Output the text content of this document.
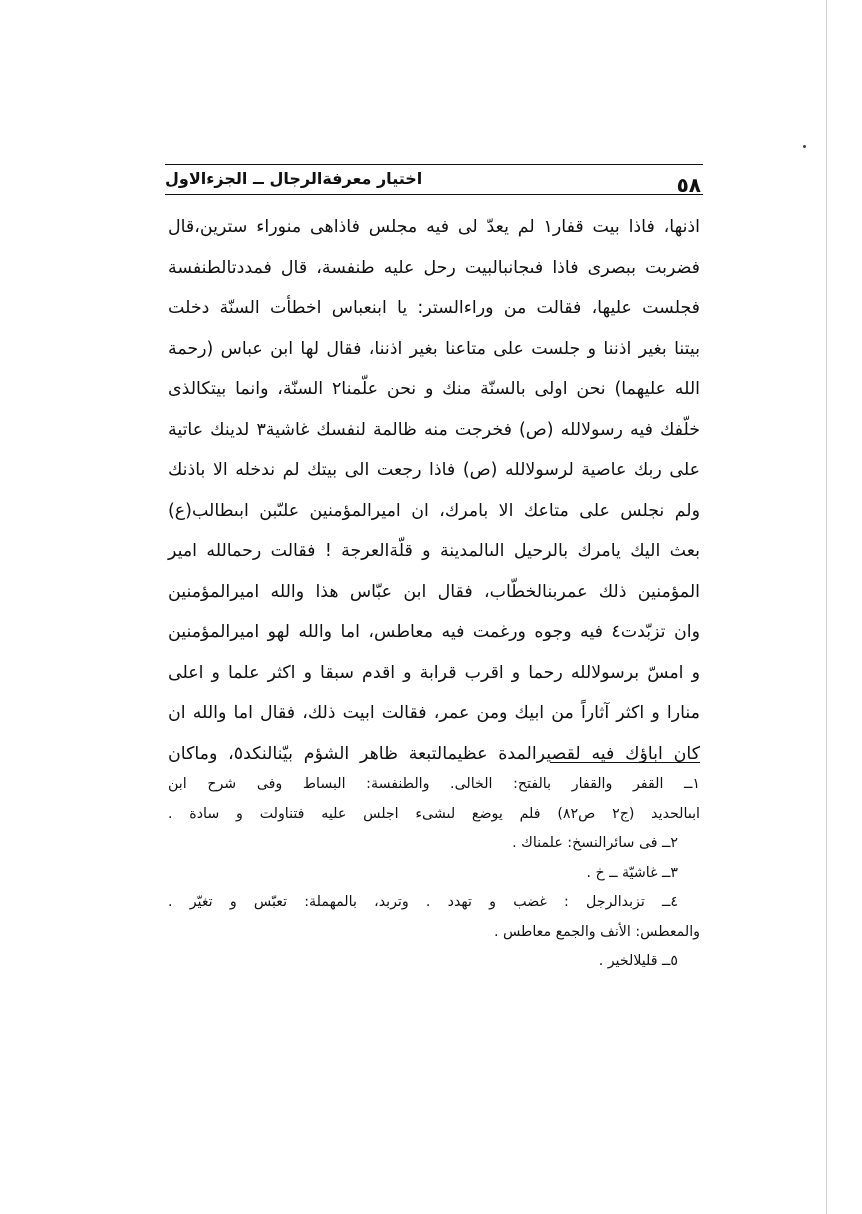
اختيار معرفةالرجال ــ الجزءالاول	٥٨
اذنها، فاذا بيت قفار١ لم يعدّ لى فيه مجلس فاذاهى منوراء سترين،قال
فضربت ببصرى فاذا فىجانبالبيت رحل عليه طنفسة، قال فمددتالطنفسة
فجلست عليها، فقالت من وراءالستر: يا ابنعباس اخطأت السنّة دخلت
بيتنا بغير اذننا و جلست على متاعنا بغير اذننا، فقال لها ابن عباس (رحمة
الله عليهما) نحن اولى بالسنّة منك و نحن علّمنا٢ السنّة، وانما بيتكالذى
خلّفك فيه رسولالله (ص) فخرجت منه ظالمة لنفسك غاشية٣ لدينك عاتية
على ربك عاصية لرسولالله (ص) فاذا رجعت الى بيتك لم ندخله الا باذنك
ولم نجلس على متاعك الا بامرك، ان اميرالمؤمنين علىّبن ابىطالب(ع)
بعث اليك يامرك بالرحيل الىالمدينة و قلّةالعرجة ! فقالت رحمالله امير
المؤمنين ذلك عمربنالخطّاب، فقال ابن عبّاس هذا والله اميرالمؤمنين
وان تزبّدت٤ فيه وجوه ورغمت فيه معاطس، اما والله لهو اميرالمؤمنين
و امسّ برسولالله رحما و اقرب قرابة و اقدم سبقا و اكثر علما و اعلى
منارا و اكثر آثاراً من ابيك ومن عمر، فقالت ابيت ذلك، فقال اما والله ان
كان اباؤك فيه لقصيرالمدة عظيمالتبعة ظاهر الشؤم بيّنالنكد٥، وماكان
١ــ القفر والقفار بالفتح: الخالى. والطنفسة: البساط وفى شرح ابن
ابىالحديد (ج٢ ص٨٢) فلم يوضع لىشىء اجلس عليه فتناولت و سادة .
٢ــ فى سائرالنسخ: علمناك .
٣ــ غاشيّة ــ خ .
٤ــ تزبدالرجل : غضب و تهدد . وتربد، بالمهملة: تعبّس و تغيّر .
والمعطس: الأنف والجمع معاطس .
٥ــ قليلالخير .
